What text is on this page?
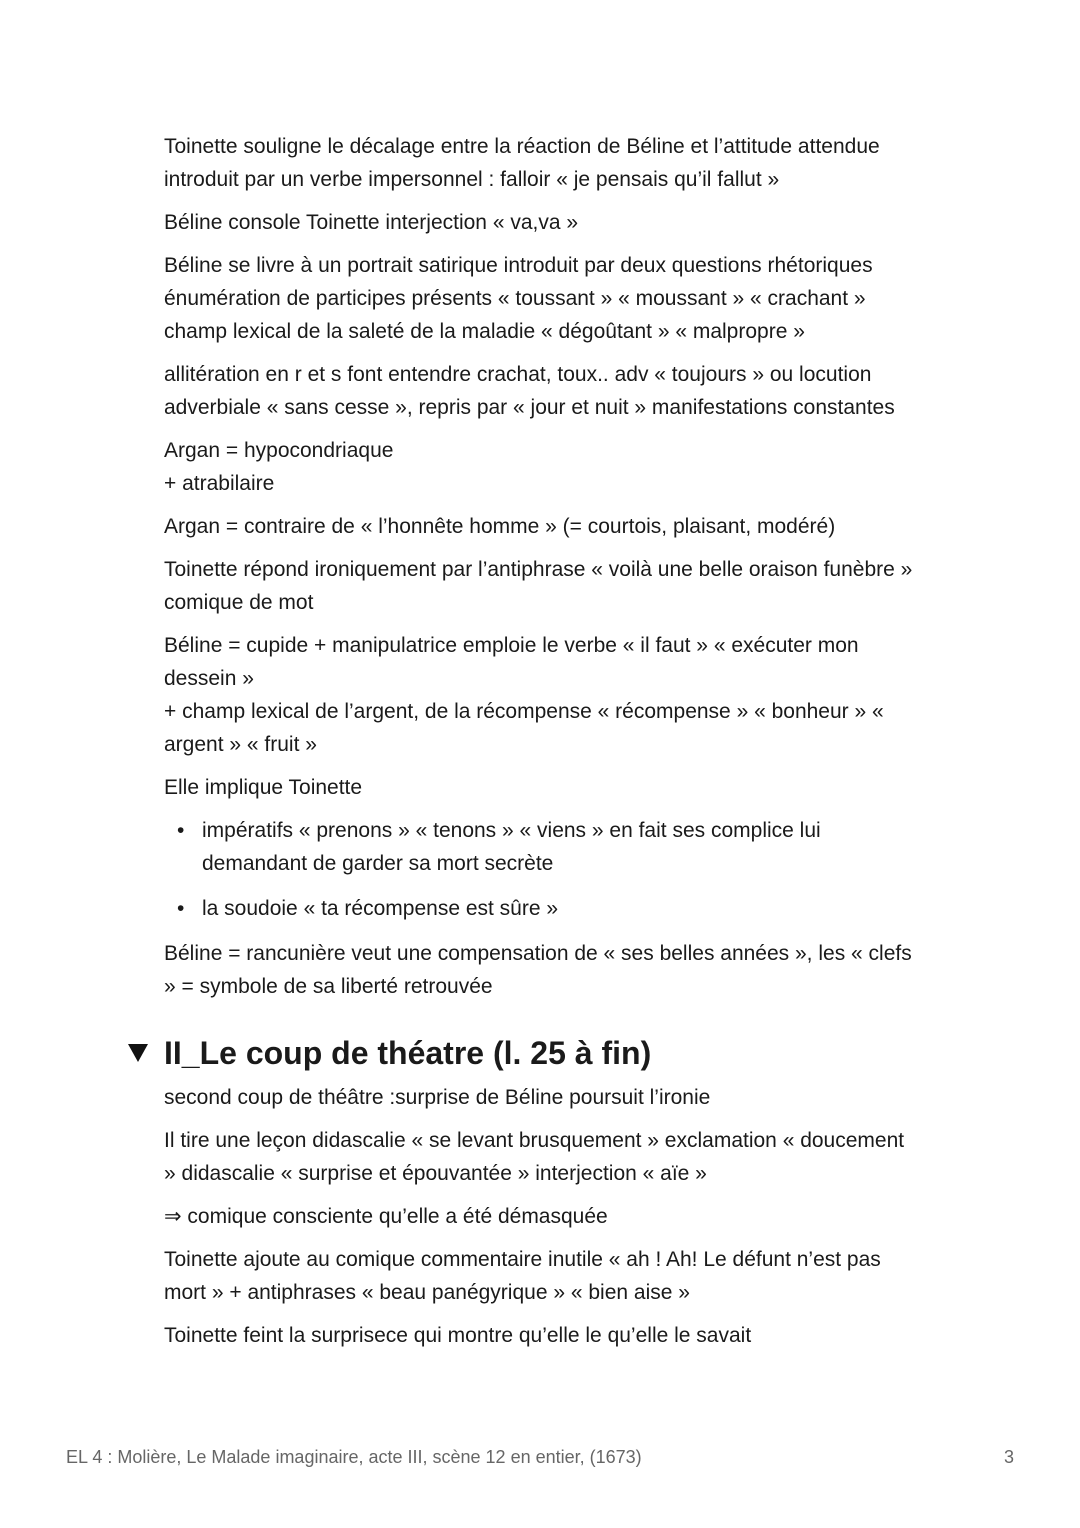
Toinette souligne le décalage entre la réaction de Béline et l’attitude attendue
introduit par un verbe impersonnel : falloir « je pensais qu’il fallut »
Béline console Toinette interjection « va,va »
Béline se livre à un portrait satirique introduit par deux questions rhétoriques
énumération de participes présents « toussant » « moussant » « crachant »
champ lexical de la saleté de la maladie « dégoûtant » « malpropre »
allitération en r et s font entendre crachat, toux.. adv « toujours » ou locution
adverbiale « sans cesse », repris par « jour et nuit » manifestations constantes
Argan = hypocondriaque
+ atrabilaire
Argan = contraire de « l’honnête homme » (= courtois, plaisant, modéré)
Toinette répond ironiquement par l’antiphrase « voilà une belle oraison funèbre »
comique de mot
Béline = cupide + manipulatrice emploie le verbe « il faut » « exécuter mon
dessein »
+ champ lexical de l’argent, de la récompense « récompense » « bonheur » «
argent » « fruit »
Elle implique Toinette
• impératifs « prenons » « tenons » « viens » en fait ses complice lui
demandant de garder sa mort secrète
• la soudoie « ta récompense est sûre »
Béline = rancunière veut une compensation de « ses belles années », les « clefs
» = symbole de sa liberté retrouvée
II_Le coup de théatre (l. 25 à fin)
second coup de théâtre :surprise de Béline poursuit l’ironie
Il tire une leçon didascalie « se levant brusquement » exclamation « doucement
» didascalie « surprise et épouvantée » interjection « aïe »
⇒ comique consciente qu’elle a été démasquée
Toinette ajoute au comique commentaire inutile « ah ! Ah! Le défunt n’est pas
mort » + antiphrases « beau panégyrique » « bien aise »
Toinette feint la surprisece qui montre qu’elle le qu’elle le savait
EL 4 : Molière, Le Malade imaginaire, acte III, scène 12 en entier, (1673)	3
